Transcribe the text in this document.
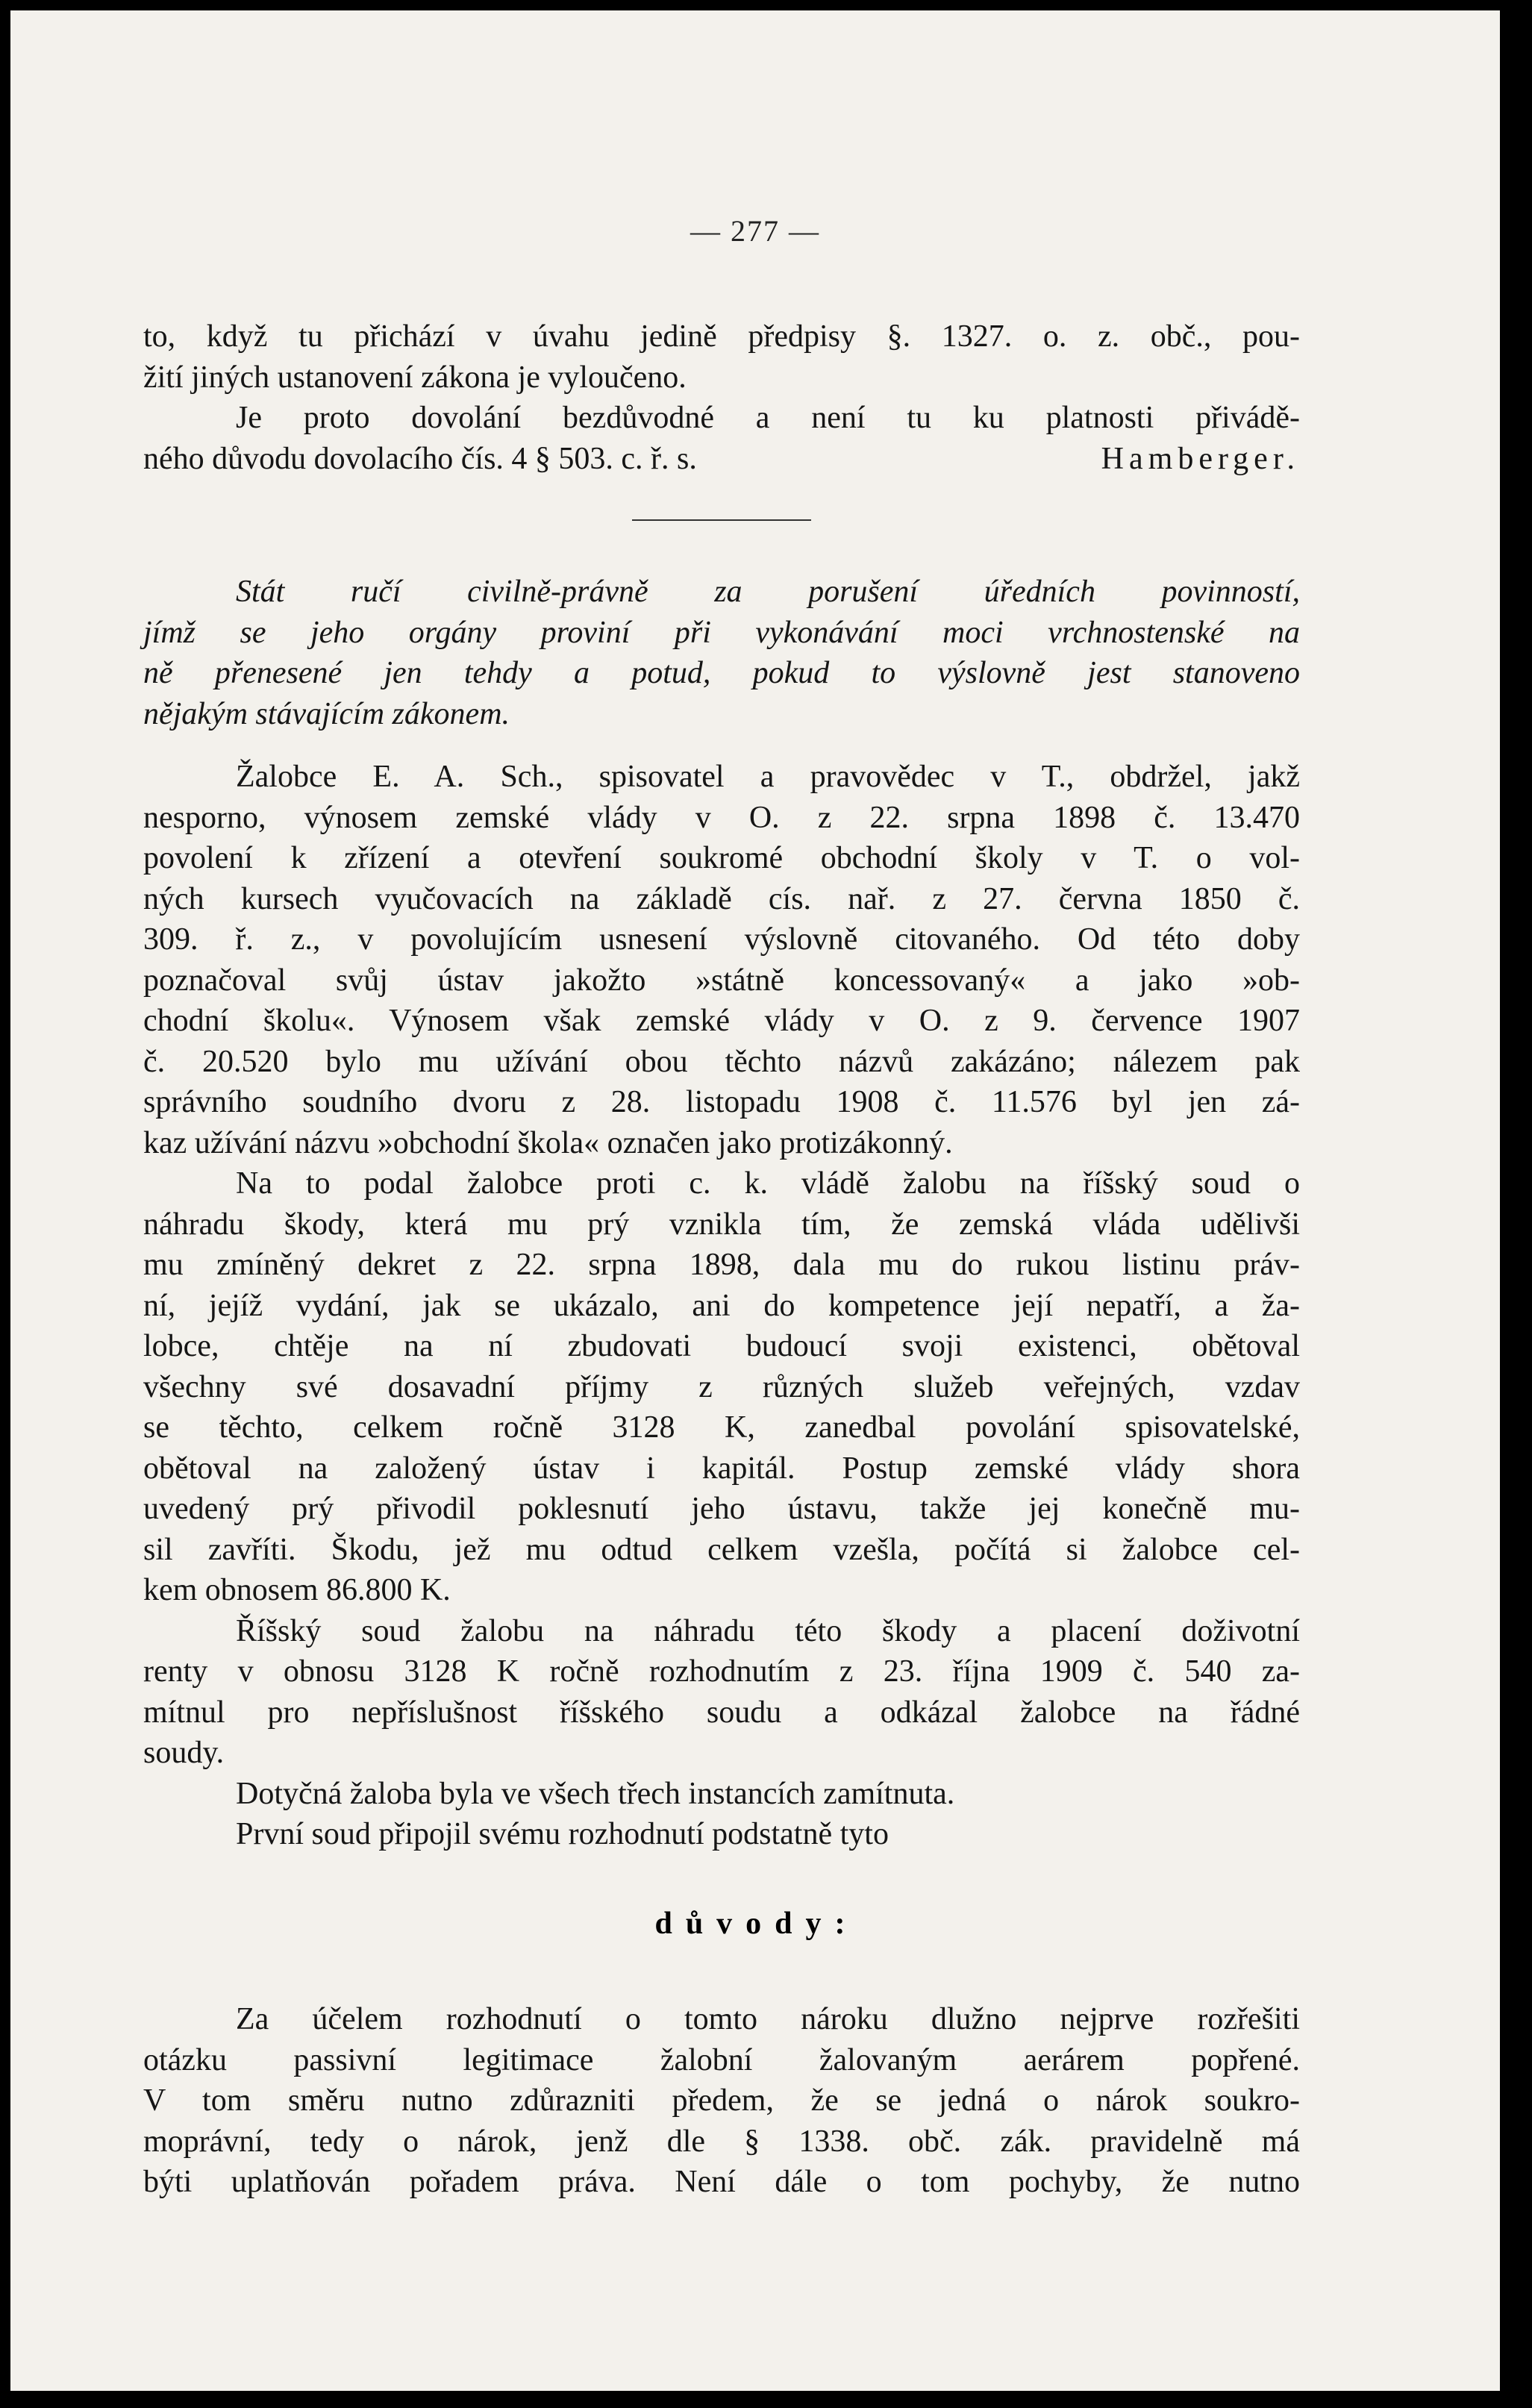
— 277 —
to, když tu přichází v úvahu jedině předpisy §. 1327. o. z. obč., pou-
žití jiných ustanovení zákona je vyloučeno.
Je proto dovolání bezdůvodné a není tu ku platnosti přivádě-
ného důvodu dovolacího čís. 4 § 503. c. ř. s.	Hamberger.
Stát ručí civilně-právně za porušení úředních povinností,
jímž se jeho orgány proviní při vykonávání moci vrchnostenské na
ně přenesené jen tehdy a potud, pokud to výslovně jest stanoveno
nějakým stávajícím zákonem.
Žalobce E. A. Sch., spisovatel a pravovědec v T., obdržel, jakž
nesporno, výnosem zemské vlády v O. z 22. srpna 1898 č. 13.470
povolení k zřízení a otevření soukromé obchodní školy v T. o vol-
ných kursech vyučovacích na základě cís. nař. z 27. června 1850 č.
309. ř. z., v povolujícím usnesení výslovně citovaného. Od této doby
poznačoval svůj ústav jakožto »státně koncessovaný« a jako »ob-
chodní školu«. Výnosem však zemské vlády v O. z 9. července 1907
č. 20.520 bylo mu užívání obou těchto názvů zakázáno; nálezem pak
správního soudního dvoru z 28. listopadu 1908 č. 11.576 byl jen zá-
kaz užívání názvu »obchodní škola« označen jako protizákonný.
Na to podal žalobce proti c. k. vládě žalobu na říšský soud o
náhradu škody, která mu prý vznikla tím, že zemská vláda udělivši
mu zmíněný dekret z 22. srpna 1898, dala mu do rukou listinu práv-
ní, jejíž vydání, jak se ukázalo, ani do kompetence její nepatří, a ža-
lobce, chtěje na ní zbudovati budoucí svoji existenci, obětoval
všechny své dosavadní příjmy z různých služeb veřejných, vzdav
se těchto, celkem ročně 3128 K, zanedbal povolání spisovatelské,
obětoval na založený ústav i kapitál. Postup zemské vlády shora
uvedený prý přivodil poklesnutí jeho ústavu, takže jej konečně mu-
sil zavříti. Škodu, jež mu odtud celkem vzešla, počítá si žalobce cel-
kem obnosem 86.800 K.
Říšský soud žalobu na náhradu této škody a placení doživotní
renty v obnosu 3128 K ročně rozhodnutím z 23. října 1909 č. 540 za-
mítnul pro nepříslušnost říšského soudu a odkázal žalobce na řádné
soudy.
Dotyčná žaloba byla ve všech třech instancích zamítnuta.
První soud připojil svému rozhodnutí podstatně tyto
důvody:
Za účelem rozhodnutí o tomto nároku dlužno nejprve rozřešiti
otázku passivní legitimace žalobní žalovaným aerárem popřené.
V tom směru nutno zdůrazniti předem, že se jedná o nárok soukro-
moprávní, tedy o nárok, jenž dle § 1338. obč. zák. pravidelně má
býti uplatňován pořadem práva. Není dále o tom pochyby, že nutno
